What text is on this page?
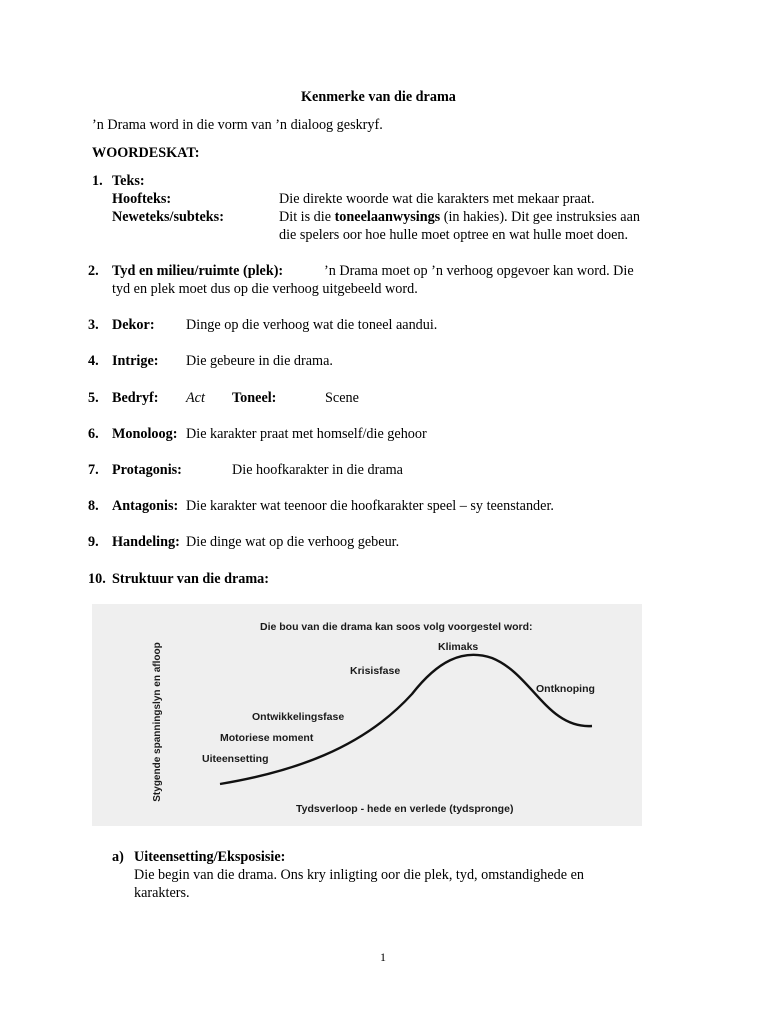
Kenmerke van die drama
’n Drama word in die vorm van ’n dialoog geskryf.
WOORDESKAT:
1. Teks:
Hoofteks:	Die direkte woorde wat die karakters met mekaar praat.
Neweteks/subteks:	Dit is die toneelaanwysings (in hakies). Dit gee instruksies aan
die spelers oor hoe hulle moet optree en wat hulle moet doen.
2. Tyd en milieu/ruimte (plek):	’n Drama moet op ’n verhoog opgevoer kan word. Die
tyd en plek moet dus op die verhoog uitgebeeld word.
3. Dekor: Dinge op die verhoog wat die toneel aandui.
4. Intrige: Die gebeure in die drama.
5. Bedryf: Act Toneel:	Scene
6. Monoloog: Die karakter praat met homself/die gehoor
7. Protagonis:	Die hoofkarakter in die drama
8. Antagonis: Die karakter wat teenoor die hoofkarakter speel – sy teenstander.
9. Handeling: Die dinge wat op die verhoog gebeur.
10. Struktuur van die drama:
Die bou van die drama kan soos volg voorgestel word:
Stygende spanningslyn en afloop	Uiteensetting
Motoriese moment
Ontwikkelingsfase
Krisisfase
Klimaks
Ontknoping
Tydsverloop - hede en verlede (tydspronge)
a) Uiteensetting/Eksposisie:
Die begin van die drama. Ons kry inligting oor die plek, tyd, omstandighede en
karakters.
1
